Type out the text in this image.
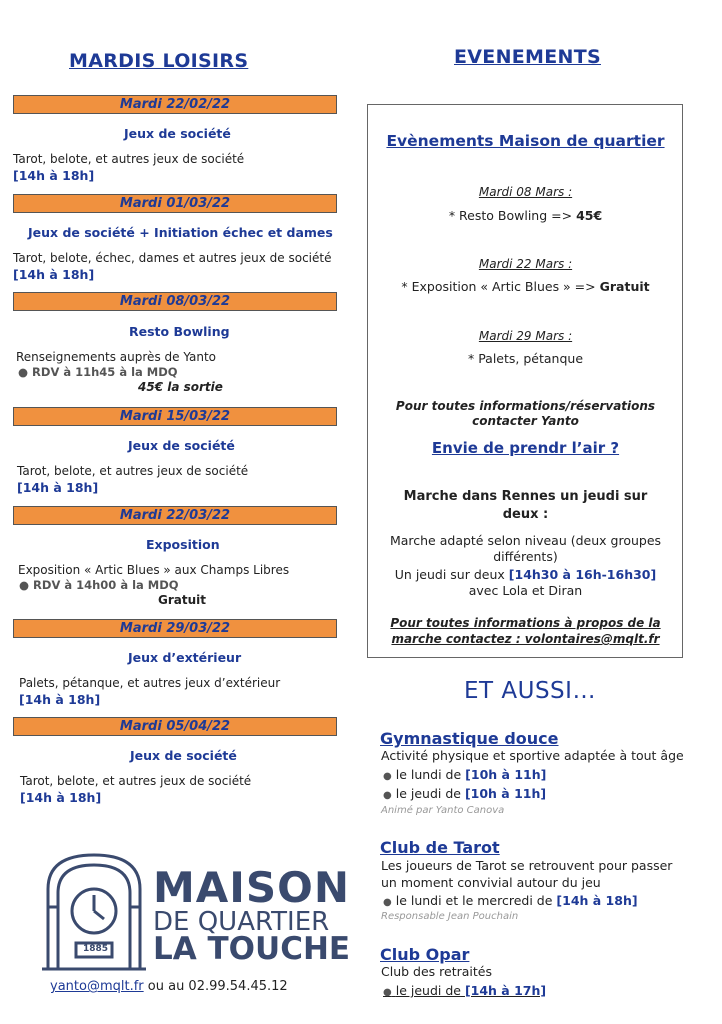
MARDIS LOISIRS
Mardi 22/02/22
Jeux de société
Tarot, belote, et autres jeux de société
[14h à 18h]
Mardi 01/03/22
Jeux de société + Initiation échec et dames
Tarot, belote, échec, dames et autres jeux de société
[14h à 18h]
Mardi 08/03/22
Resto Bowling
Renseignements auprès de Yanto
● RDV à 11h45 à la MDQ
45€ la sortie
Mardi 15/03/22
Jeux de société
Tarot, belote, et autres jeux de société
[14h à 18h]
Mardi 22/03/22
Exposition
Exposition « Artic Blues » aux Champs Libres
● RDV à 14h00 à la MDQ
Gratuit
Mardi 29/03/22
Jeux d’extérieur
Palets, pétanque, et autres jeux d’extérieur
[14h à 18h]
Mardi 05/04/22
Jeux de société
Tarot, belote, et autres jeux de société
[14h à 18h]
1885
MAISON
DE QUARTIER
LA TOUCHE
yanto@mqlt.fr ou au 02.99.54.45.12
EVENEMENTS
Evènements Maison de quartier
Mardi 08 Mars :
* Resto Bowling => 45€
Mardi 22 Mars :
* Exposition « Artic Blues » => Gratuit
Mardi 29 Mars :
* Palets, pétanque
Pour toutes informations/réservations
contacter Yanto
Envie de prendr l’air ?
Marche dans Rennes un jeudi sur
deux :
Marche adapté selon niveau (deux groupes
différents)
Un jeudi sur deux [14h30 à 16h-16h30]
avec Lola et Diran
Pour toutes informations à propos de la
marche contactez : volontaires@mqlt.fr
ET AUSSI…
Gymnastique douce
Activité physique et sportive adaptée à tout âge
● le lundi de [10h à 11h]
● le jeudi de [10h à 11h]
Animé par Yanto Canova
Club de Tarot
Les joueurs de Tarot se retrouvent pour passer
un moment convivial autour du jeu
● le lundi et le mercredi de [14h à 18h]
Responsable Jean Pouchain
Club Opar
Club des retraités
● le jeudi de [14h à 17h]
